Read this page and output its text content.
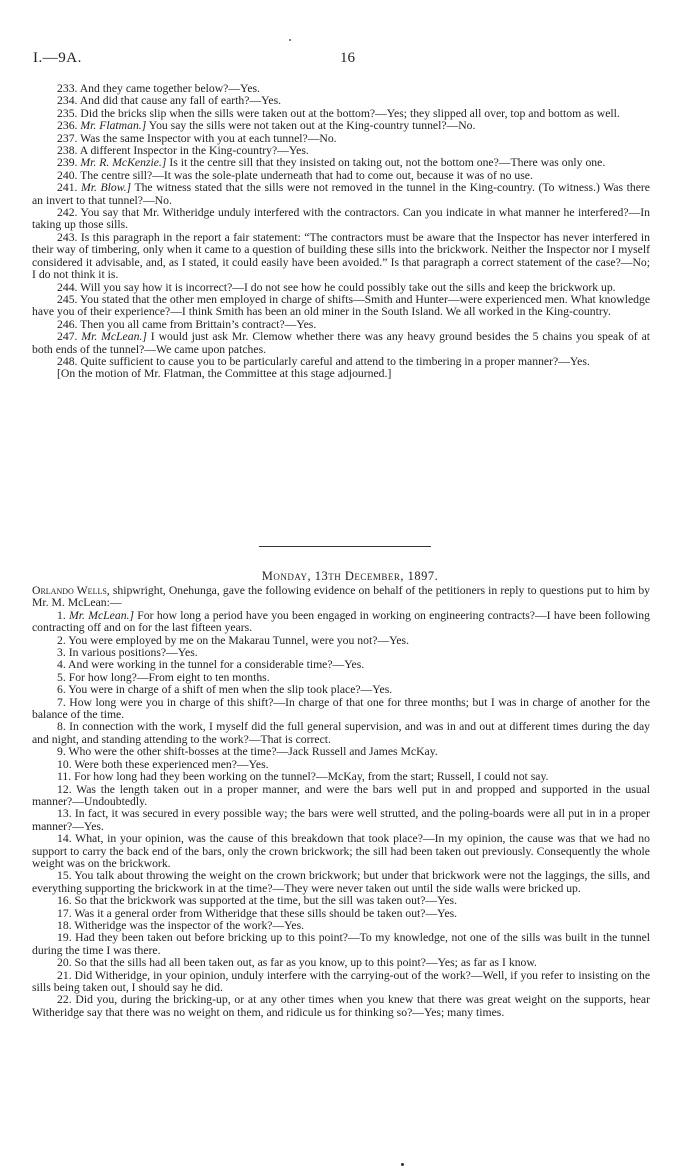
I.—9A.	16

233. And they came together below?—Yes.

234. And did that cause any fall of earth?—Yes.

235. Did the bricks slip when the sills were taken out at the bottom?—Yes; they slipped all over, top and bottom as well.

236. Mr. Flatman.] You say the sills were not taken out at the King-country tunnel?—No.

237. Was the same Inspector with you at each tunnel?—No.

238. A different Inspector in the King-country?—Yes.

239. Mr. R. McKenzie.] Is it the centre sill that they insisted on taking out, not the bottom one?—There was only one.

240. The centre sill?—It was the sole-plate underneath that had to come out, because it was of no use.

241. Mr. Blow.] The witness stated that the sills were not removed in the tunnel in the King-country. (To witness.) Was there an invert to that tunnel?—No.

242. You say that Mr. Witheridge unduly interfered with the contractors. Can you indicate in what manner he interfered?—In taking up those sills.

243. Is this paragraph in the report a fair statement: “The contractors must be aware that the Inspector has never interfered in their way of timbering, only when it came to a question of building these sills into the brickwork. Neither the Inspector nor I myself considered it advisable, and, as I stated, it could easily have been avoided.” Is that paragraph a correct statement of the case?—No; I do not think it is.

244. Will you say how it is incorrect?—I do not see how he could possibly take out the sills and keep the brickwork up.

245. You stated that the other men employed in charge of shifts—Smith and Hunter—were experienced men. What knowledge have you of their experience?—I think Smith has been an old miner in the South Island. We all worked in the King-country.

246. Then you all came from Brittain’s contract?—Yes.

247. Mr. McLean.] I would just ask Mr. Clemow whether there was any heavy ground besides the 5 chains you speak of at both ends of the tunnel?—We came upon patches.

248. Quite sufficient to cause you to be particularly careful and attend to the timbering in a proper manner?—Yes.

[On the motion of Mr. Flatman, the Committee at this stage adjourned.]

Monday, 13th December, 1897.

Orlando Wells, shipwright, Onehunga, gave the following evidence on behalf of the petitioners in reply to questions put to him by Mr. M. McLean:—

1. Mr. McLean.] For how long a period have you been engaged in working on engineering contracts?—I have been following contracting off and on for the last fifteen years.

2. You were employed by me on the Makarau Tunnel, were you not?—Yes.

3. In various positions?—Yes.

4. And were working in the tunnel for a considerable time?—Yes.

5. For how long?—From eight to ten months.

6. You were in charge of a shift of men when the slip took place?—Yes.

7. How long were you in charge of this shift?—In charge of that one for three months; but I was in charge of another for the balance of the time.

8. In connection with the work, I myself did the full general supervision, and was in and out at different times during the day and night, and standing attending to the work?—That is correct.

9. Who were the other shift-bosses at the time?—Jack Russell and James McKay.

10. Were both these experienced men?—Yes.

11. For how long had they been working on the tunnel?—McKay, from the start; Russell, I could not say.

12. Was the length taken out in a proper manner, and were the bars well put in and propped and supported in the usual manner?—Undoubtedly.

13. In fact, it was secured in every possible way; the bars were well strutted, and the poling-boards were all put in in a proper manner?—Yes.

14. What, in your opinion, was the cause of this breakdown that took place?—In my opinion, the cause was that we had no support to carry the back end of the bars, only the crown brickwork; the sill had been taken out previously. Consequently the whole weight was on the brickwork.

15. You talk about throwing the weight on the crown brickwork; but under that brickwork were not the laggings, the sills, and everything supporting the brickwork in at the time?—They were never taken out until the side walls were bricked up.

16. So that the brickwork was supported at the time, but the sill was taken out?—Yes.

17. Was it a general order from Witheridge that these sills should be taken out?—Yes.

18. Witheridge was the inspector of the work?—Yes.

19. Had they been taken out before bricking up to this point?—To my knowledge, not one of the sills was built in the tunnel during the time I was there.

20. So that the sills had all been taken out, as far as you know, up to this point?—Yes; as far as I know.

21. Did Witheridge, in your opinion, unduly interfere with the carrying-out of the work?—Well, if you refer to insisting on the sills being taken out, I should say he did.

22. Did you, during the bricking-up, or at any other times when you knew that there was great weight on the supports, hear Witheridge say that there was no weight on them, and ridicule us for thinking so?—Yes; many times.
